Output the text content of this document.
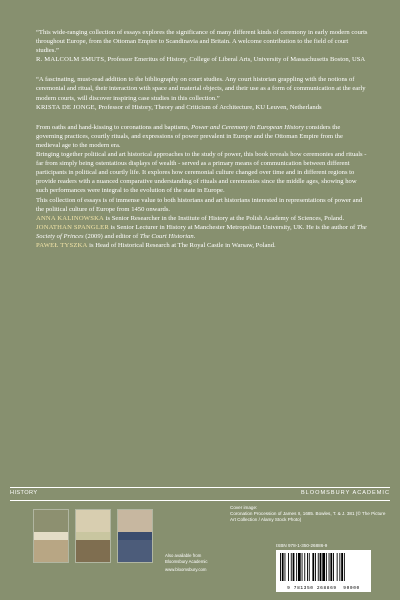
“This wide-ranging collection of essays explores the significance of many different kinds of ceremony in early modern courts throughout Europe, from the Ottoman Empire to Scandinavia and Britain. A welcome contribution to the field of court studies.”

R. MALCOLM SMUTS, Professor Emeritus of History, College of Liberal Arts, University of Massachusetts Boston, USA

“A fascinating, must-read addition to the bibliography on court studies. Any court historian grappling with the notions of ceremonial and ritual, their interaction with space and material objects, and their use as a form of communication at the early modern courts, will discover inspiring case studies in this collection.”

KRISTA DE JONGE, Professor of History, Theory and Criticism of Architecture, KU Leuven, Netherlands

From oaths and hand-kissing to coronations and baptisms, Power and Ceremony in European History considers the governing practices, courtly rituals, and expressions of power prevalent in Europe and the Ottoman Empire from the medieval age to the modern era.

Bringing together political and art historical approaches to the study of power, this book reveals how ceremonies and rituals - far from simply being ostentatious displays of wealth - served as a primary means of communication between different participants in political and courtly life. It explores how ceremonial culture changed over time and in different regions to provide readers with a nuanced comparative understanding of rituals and ceremonies since the middle ages, showing how such performances were integral to the evolution of the state in Europe.

This collection of essays is of immense value to both historians and art historians interested in representations of power and the political culture of Europe from 1450 onwards.

ANNA KALINOWSKA is Senior Researcher in the Institute of History at the Polish Academy of Sciences, Poland.

JONATHAN SPANGLER is Senior Lecturer in History at Manchester Metropolitan University, UK. He is the author of The Society of Princes (2009) and editor of The Court Historian.

PAWEŁ TYSZKA is Head of Historical Research at The Royal Castle in Warsaw, Poland.

HISTORY	BLOOMSBURY ACADEMIC
Also available from Bloomsbury Academic
www.bloomsbury.com
Cover image:
Coronation Procession of James II, 1685. Bowles, T. & J. 381 (© The Picture Art Collection / Alamy Stock Photo)
ISBN 978-1-350-26886-9
9 781350 268869 90000
